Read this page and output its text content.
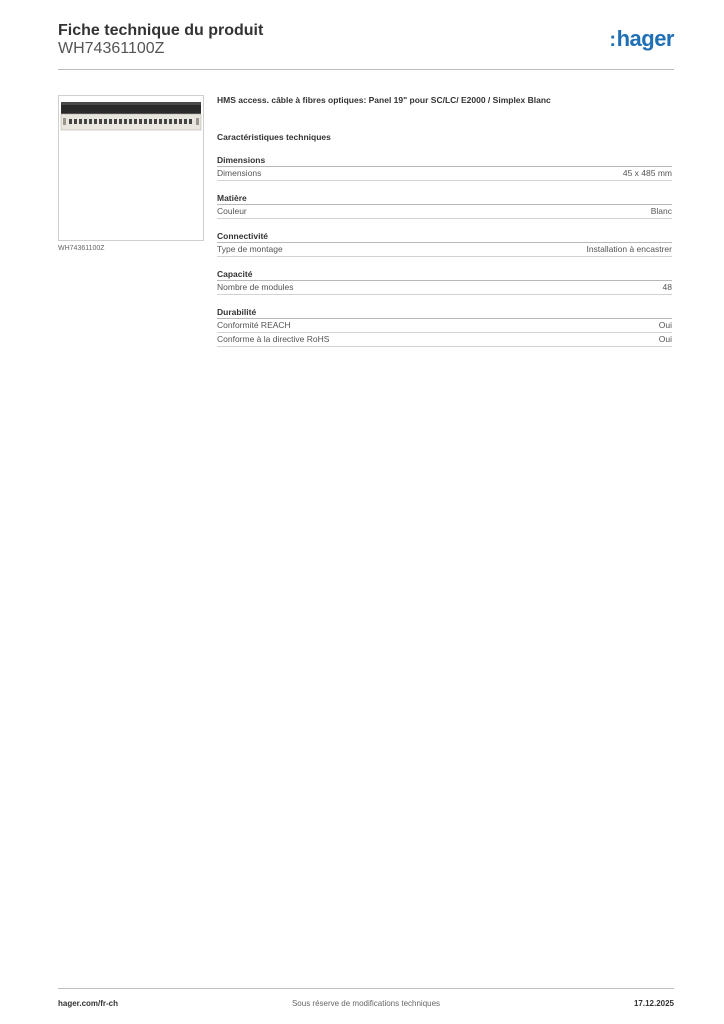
Fiche technique du produit
WH74361100Z	:hager
WH74361100Z
HMS access. câble à fibres optiques: Panel 19" pour SC/LC/ E2000 / Simplex Blanc
Caractéristiques techniques
Dimensions
Dimensions	45 x 485 mm
Matière
Couleur	Blanc
Connectivité
Type de montage	Installation à encastrer
Capacité
Nombre de modules	48
Durabilité
Conformité REACH	Oui
Conforme à la directive RoHS	Oui
hager.com/fr-ch	Sous réserve de modifications techniques	17.12.2025
